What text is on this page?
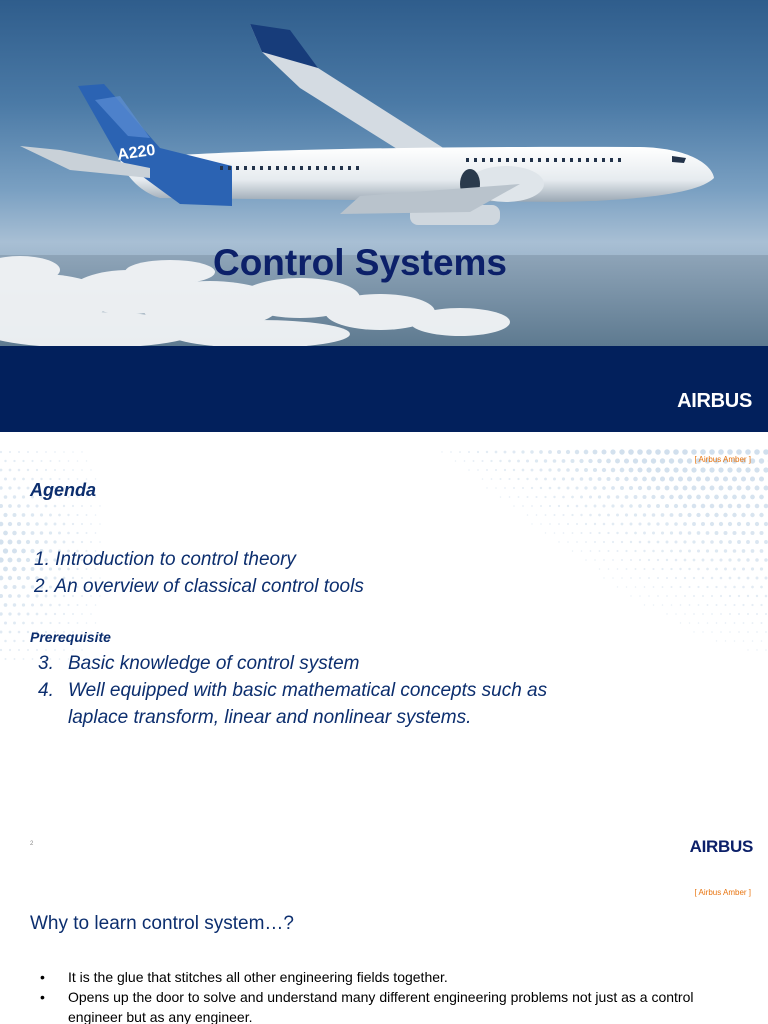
A220
Control Systems
AIRBUS
[ Airbus Amber ]
Agenda
1. Introduction to control theory
2. An overview of classical control tools
Prerequisite
3. Basic knowledge of control system
4. Well equipped with basic mathematical concepts such as laplace transform, linear and nonlinear systems.
2	AIRBUS
[ Airbus Amber ]
Why to learn control system…?
•	It is the glue that stitches all other engineering fields together.
•	Opens up the door to solve and understand many different engineering problems not just as a control engineer but as any engineer.
